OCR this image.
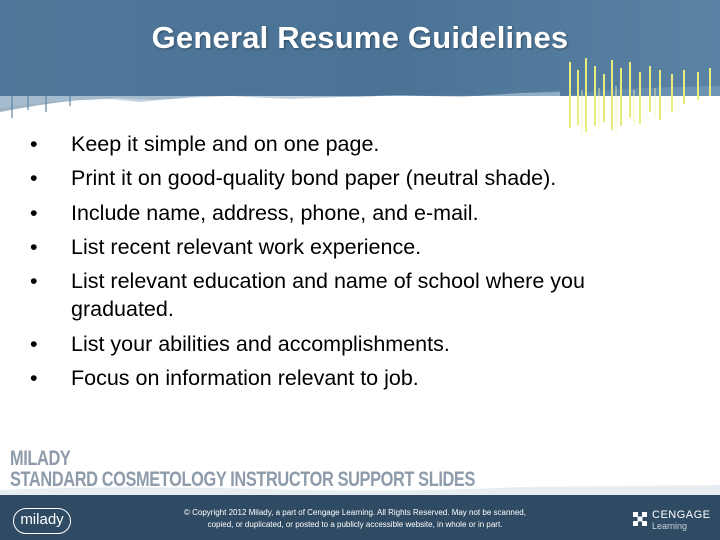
General Resume Guidelines
• Keep it simple and on one page.
• Print it on good-quality bond paper (neutral shade).
• Include name, address, phone, and e-mail.
• List recent relevant work experience.
• List relevant education and name of school where you graduated.
• List your abilities and accomplishments.
• Focus on information relevant to job.
MILADY
STANDARD COSMETOLOGY INSTRUCTOR SUPPORT SLIDES
milady	© Copyright 2012 Milady, a part of Cengage Learning. All Rights Reserved. May not be scanned,
copied, or duplicated, or posted to a publicly accessible website, in whole or in part.
CENGAGE
Learning
